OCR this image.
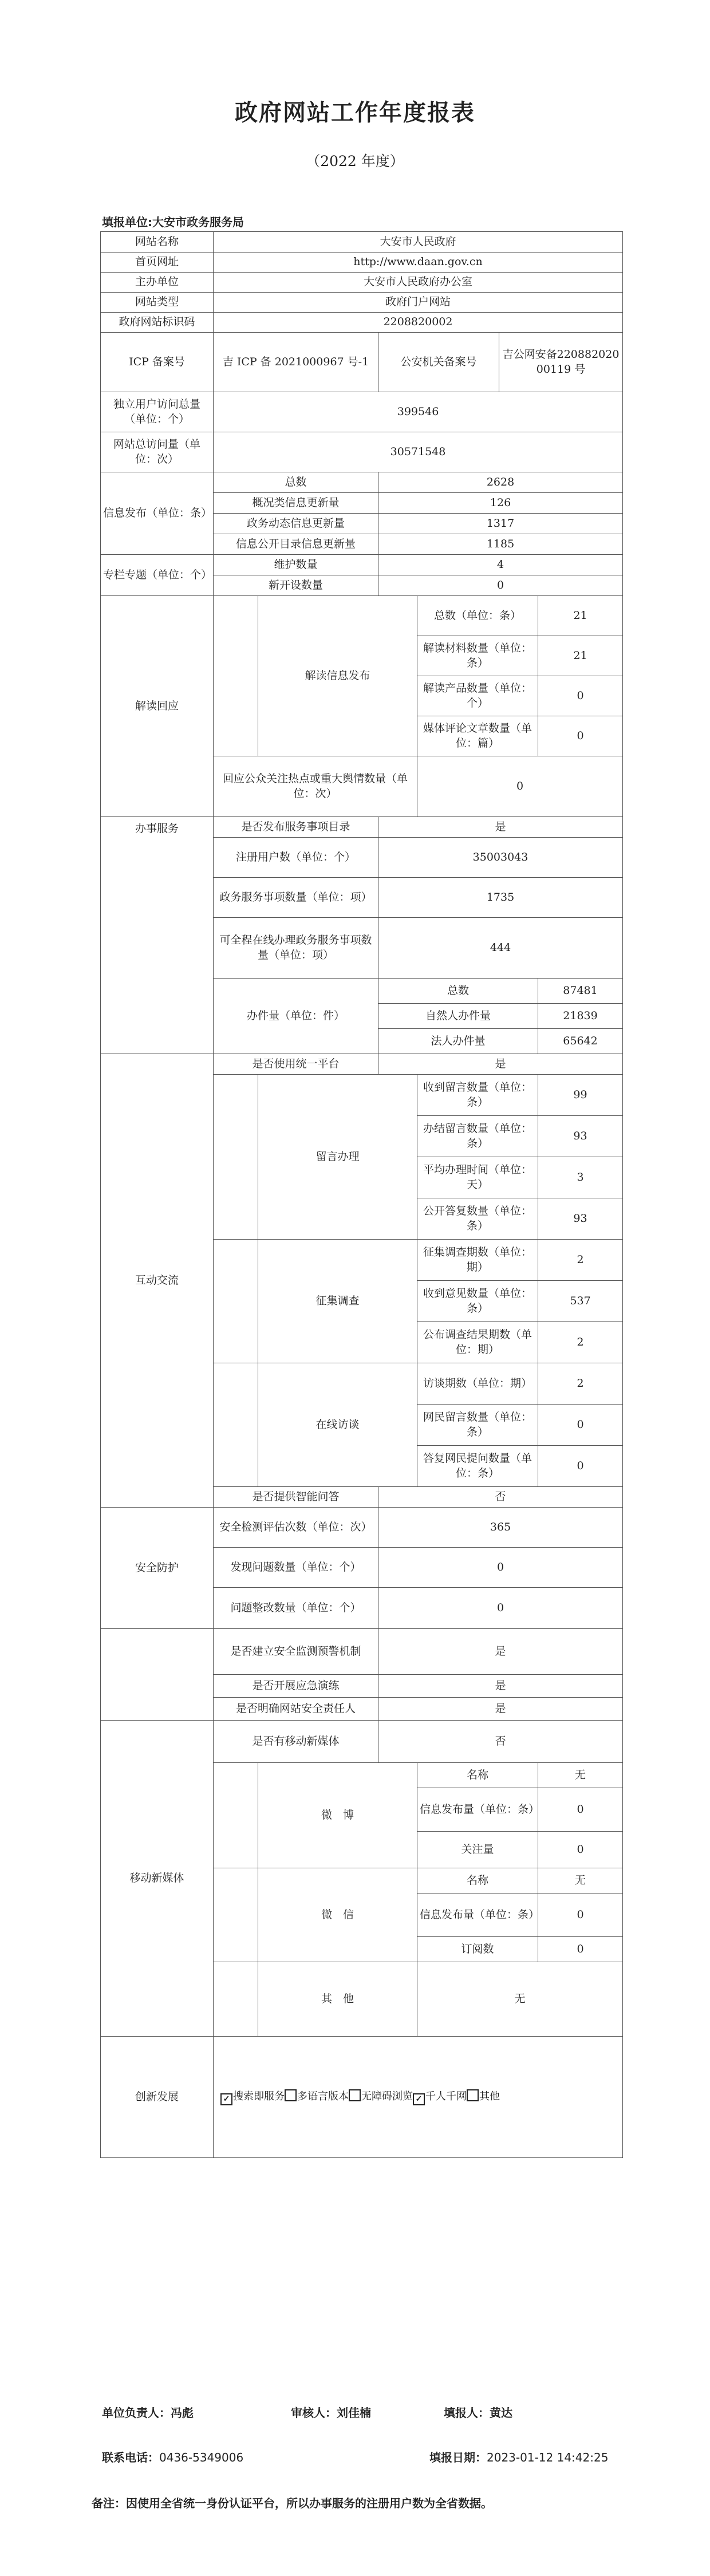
政府网站工作年度报表
（2022 年度）
填报单位:大安市政务服务局
网站名称	大安市人民政府					
首页网址	http://www.daan.gov.cn					
主办单位	大安市人民政府办公室					
网站类型	政府门户网站					
政府网站标识码	2208820002					
ICP 备案号	吉 ICP 备 2021000967 号-1		公安机关备案号		吉公网安备22088202000119 号	
独立用户访问总量（单位：个）	399546					
网站总访问量（单位：次）	30571548					
信息发布（单位：条）	总数		2628			
	概况类信息更新量		126			
	政务动态信息更新量		1317			
	信息公开目录信息更新量		1185			
专栏专题（单位：个）	维护数量		4			
	新开设数量		0			
解读回应		解读信息发布		总数（单位：条）		21
				解读材料数量（单位：条）		21
				解读产品数量（单位：个）		0
				媒体评论文章数量（单位：篇）		0
	回应公众关注热点或重大舆情数量（单位：次）			0		
办事服务	是否发布服务事项目录		是			
	注册用户数（单位：个）		35003043			
	政务服务事项数量（单位：项）		1735			
	可全程在线办理政务服务事项数量（单位：项）		444			
	办件量（单位：件）		总数			87481
			自然人办件量			21839
			法人办件量			65642
互动交流	是否使用统一平台		是			
		留言办理		收到留言数量（单位：条）		99
				办结留言数量（单位：条）		93
				平均办理时间（单位：天）		3
				公开答复数量（单位：条）		93
		征集调查		征集调查期数（单位：期）		2
				收到意见数量（单位：条）		537
				公布调查结果期数（单位：期）		2
		在线访谈		访谈期数（单位：期）		2
				网民留言数量（单位：条）		0
				答复网民提问数量（单位：条）		0
	是否提供智能问答		否			
安全防护	安全检测评估次数（单位：次）		365			
	发现问题数量（单位：个）		0			
	问题整改数量（单位：个）		0			
	是否建立安全监测预警机制		是			
	是否开展应急演练		是			
	是否明确网站安全责任人		是			
移动新媒体	是否有移动新媒体		否			
		微　博		名称		无
				信息发布量（单位：条）		0
				关注量		0
		微　信		名称		无
				信息发布量（单位：条）		0
				订阅数		0
		其　他		无		
创新发展	✓搜索即服务 多语言版本 无障碍浏览 ✓ 千人千网 其他
单位负责人：冯彪	审核人：刘佳楠	填报人：黄达
联系电话：0436-5349006	填报日期：2023-01-12 14:42:25
备注：因使用全省统一身份认证平台，所以办事服务的注册用户数为全省数据。
